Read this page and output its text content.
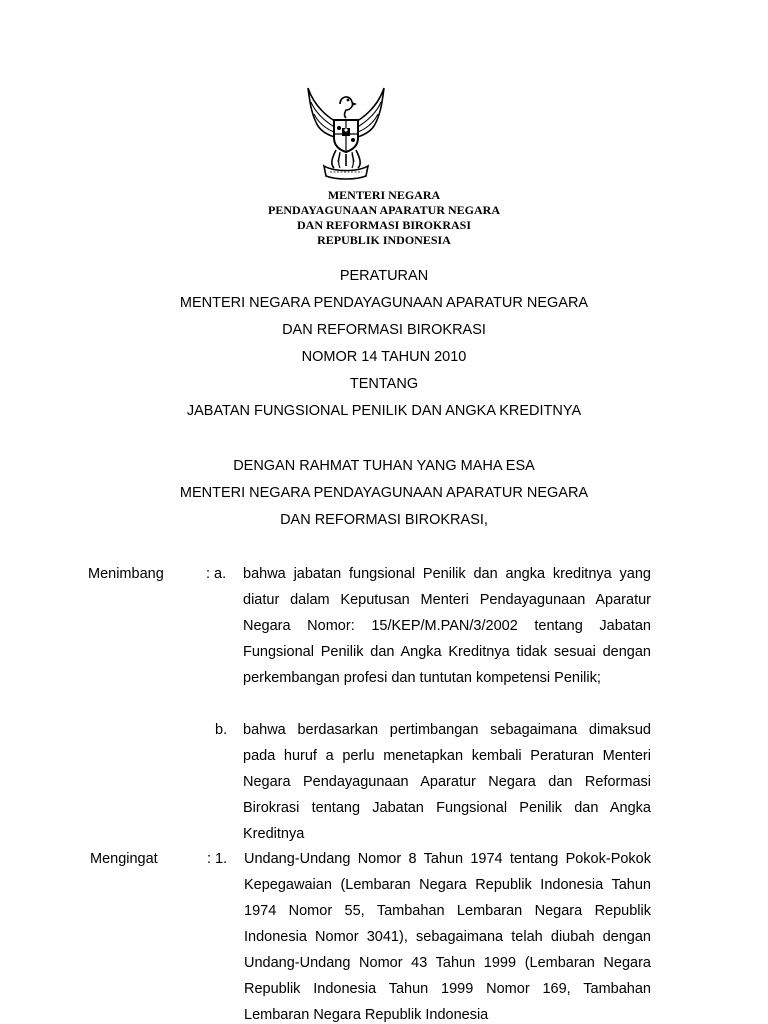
MENTERI NEGARA
PENDAYAGUNAAN APARATUR NEGARA
DAN REFORMASI BIROKRASI
REPUBLIK INDONESIA
PERATURAN
MENTERI NEGARA PENDAYAGUNAAN APARATUR NEGARA
DAN REFORMASI BIROKRASI
NOMOR 14 TAHUN 2010
TENTANG
JABATAN FUNGSIONAL PENILIK DAN ANGKA KREDITNYA
DENGAN RAHMAT TUHAN YANG MAHA ESA
MENTERI NEGARA PENDAYAGUNAAN APARATUR NEGARA
DAN REFORMASI BIROKRASI,
Menimbang	: a. bahwa jabatan fungsional Penilik dan angka kreditnya yang diatur dalam Keputusan Menteri Pendayagunaan Aparatur Negara Nomor: 15/KEP/M.PAN/3/2002 tentang Jabatan Fungsional Penilik dan Angka Kreditnya tidak sesuai dengan perkembangan profesi dan tuntutan kompetensi Penilik;
b. bahwa berdasarkan pertimbangan sebagaimana dimaksud pada huruf a perlu menetapkan kembali Peraturan Menteri Negara Pendayagunaan Aparatur Negara dan Reformasi Birokrasi tentang Jabatan Fungsional Penilik dan Angka Kreditnya
Mengingat	: 1. Undang-Undang Nomor 8 Tahun 1974 tentang Pokok-Pokok Kepegawaian (Lembaran Negara Republik Indonesia Tahun 1974 Nomor 55, Tambahan Lembaran Negara Republik Indonesia Nomor 3041), sebagaimana telah diubah dengan Undang-Undang Nomor 43 Tahun 1999 (Lembaran Negara Republik Indonesia Tahun 1999 Nomor 169, Tambahan Lembaran Negara Republik Indonesia
